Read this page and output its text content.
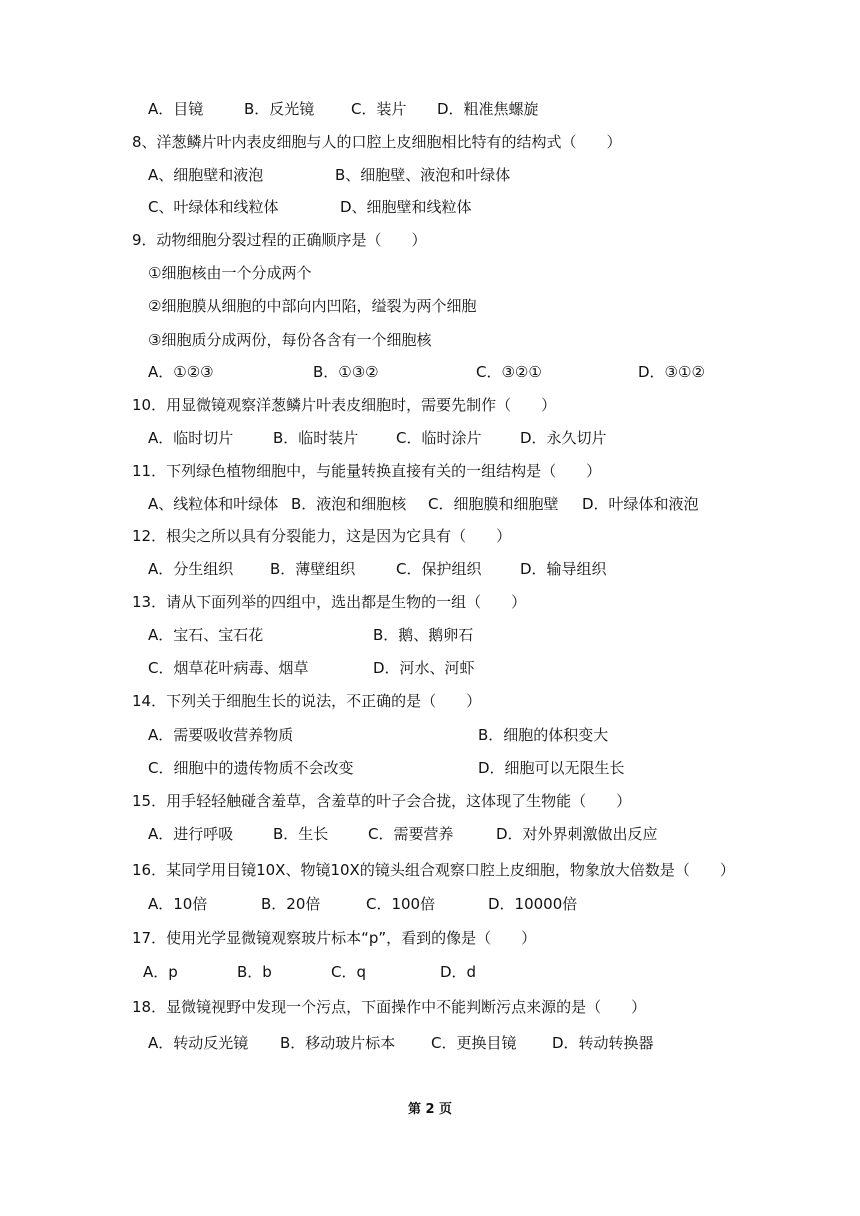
A．目镜	B．反光镜 C．装片 D．粗准焦螺旋
8、洋葱鳞片叶内表皮细胞与人的口腔上皮细胞相比特有的结构式（　　）
A、细胞壁和液泡	B、细胞壁、液泡和叶绿体
C、叶绿体和线粒体	D、细胞壁和线粒体
9．动物细胞分裂过程的正确顺序是（　　）
①细胞核由一个分成两个
②细胞膜从细胞的中部向内凹陷，缢裂为两个细胞
③细胞质分成两份，每份各含有一个细胞核
A．①②③	B．①③②	C．③②①	D．③①②
10．用显微镜观察洋葱鳞片叶表皮细胞时，需要先制作（　　）
A．临时切片	B．临时装片	C．临时涂片	D．永久切片
11．下列绿色植物细胞中，与能量转换直接有关的一组结构是（　　）
A、线粒体和叶绿体 B．液泡和细胞核 C．细胞膜和细胞壁 D．叶绿体和液泡
12．根尖之所以具有分裂能力，这是因为它具有（　　）
A．分生组织 B．薄壁组织	C．保护组织	D．输导组织
13．请从下面列举的四组中，选出都是生物的一组（　　）
A．宝石、宝石花	B．鹅、鹅卵石
C．烟草花叶病毒、烟草	D．河水、河虾
14．下列关于细胞生长的说法，不正确的是（　　）
A．需要吸收营养物质	B．细胞的体积变大
C．细胞中的遗传物质不会改变	D．细胞可以无限生长
15．用手轻轻触碰含羞草，含羞草的叶子会合拢，这体现了生物能（　　）
A．进行呼吸	B．生长	C．需要营养	D．对外界刺激做出反应
16．某同学用目镜10X、物镜10X的镜头组合观察口腔上皮细胞，物象放大倍数是（　　）
A．10倍	B．20倍	C．100倍	D．10000倍
17．使用光学显微镜观察玻片标本“p”，看到的像是（　　）
A．p	B．b	C．q	D．d
18．显微镜视野中发现一个污点，下面操作中不能判断污点来源的是（　　）
A．转动反光镜 B．移动玻片标本 C．更换目镜 D．转动转换器
第 2 页
